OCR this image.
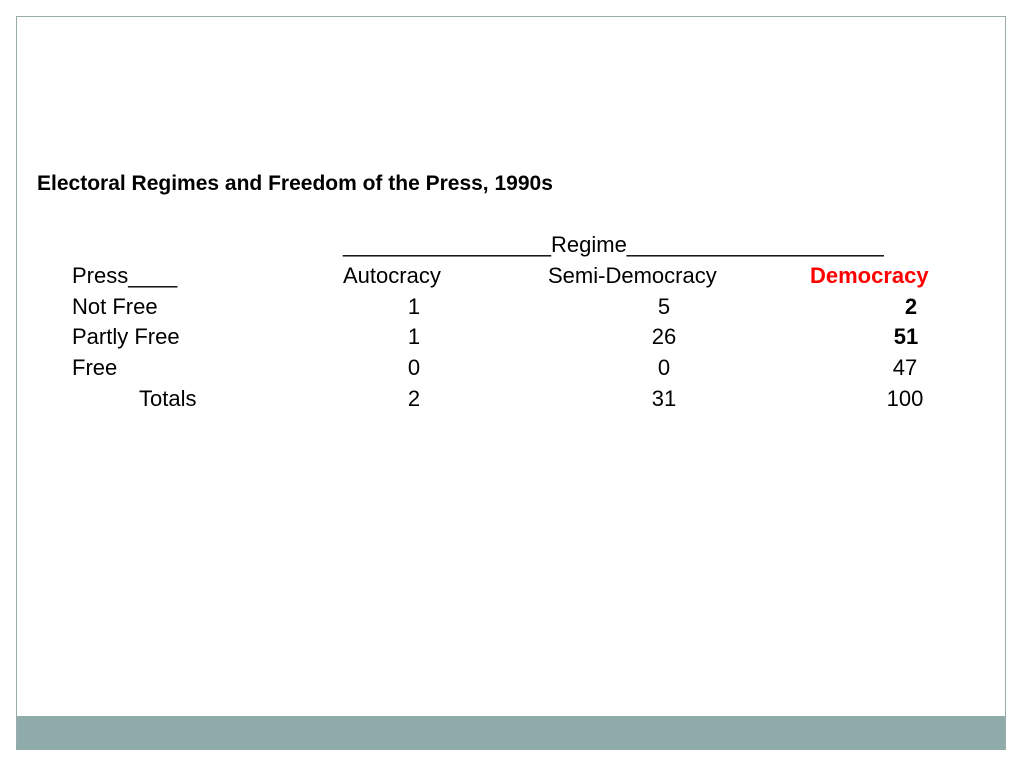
Electoral Regimes and Freedom of the Press, 1990s
_________________Regime_____________________
Press____	Autocracy	Semi-Democracy	Democracy
Not Free	1	5	2
Partly Free	1	26	51
Free	0	0	47
Totals	2	31	100
